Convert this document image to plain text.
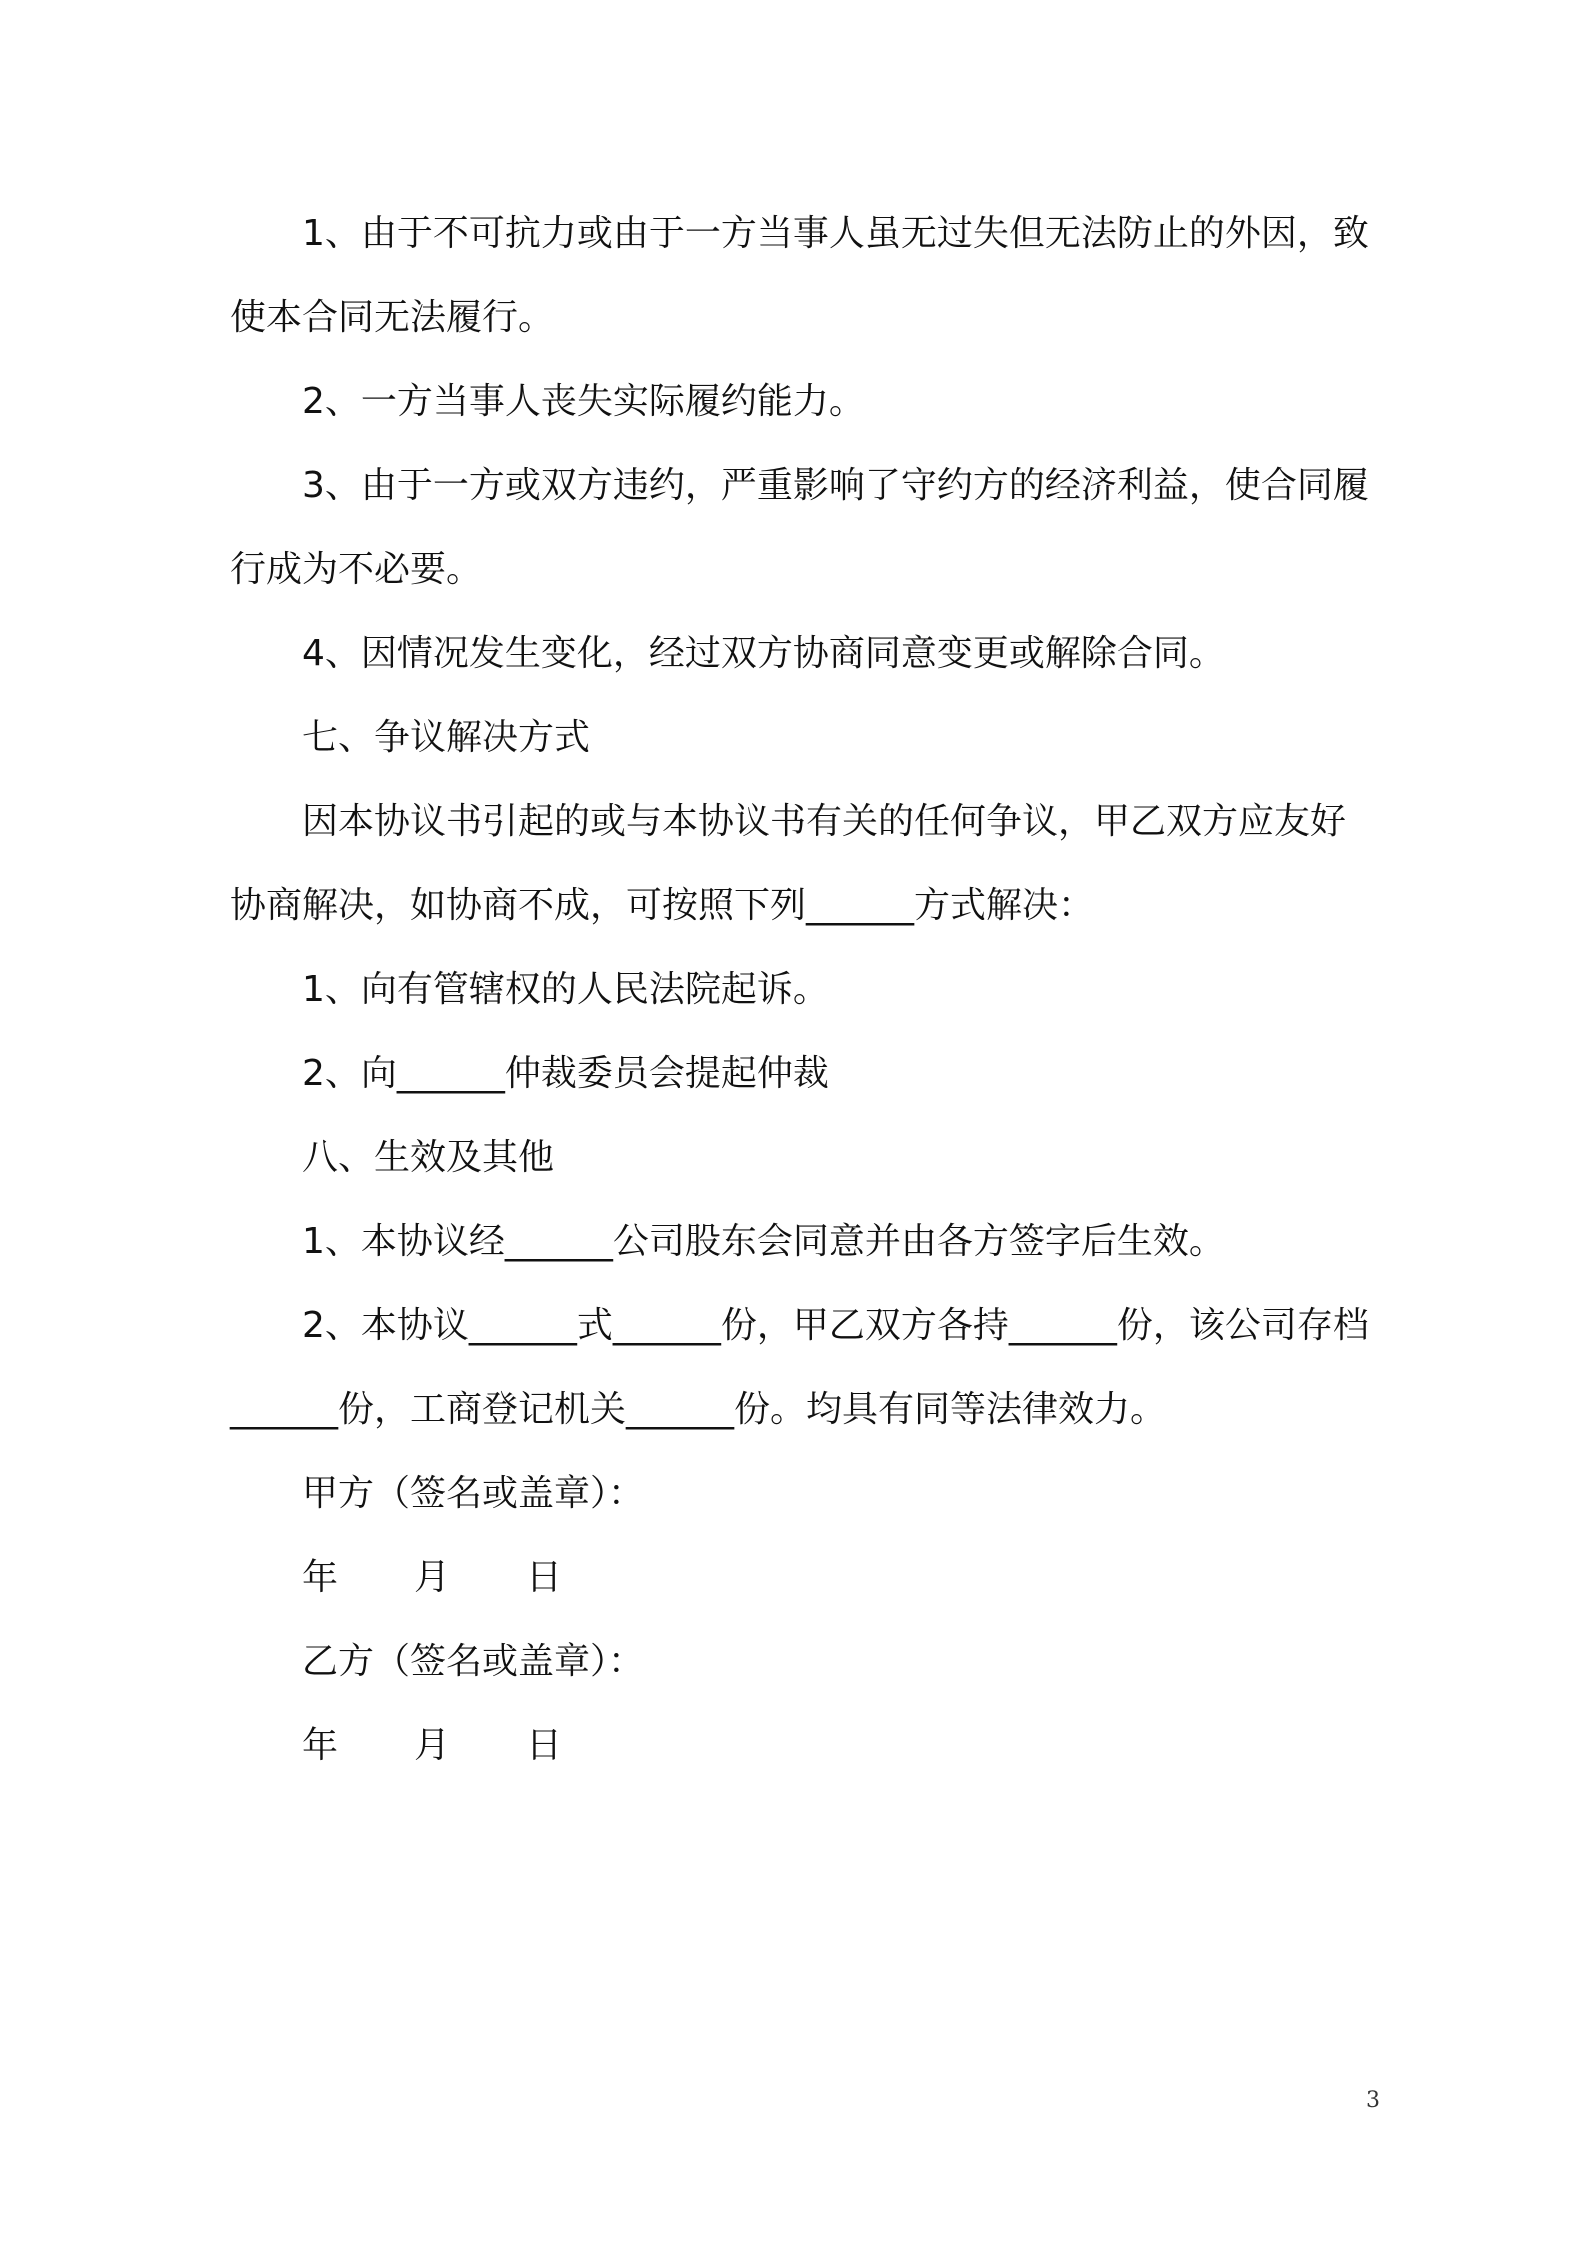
1、由于不可抗力或由于一方当事人虽无过失但无法防止的外因，致使本合同无法履行。

2、一方当事人丧失实际履约能力。

3、由于一方或双方违约，严重影响了守约方的经济利益，使合同履行成为不必要。

4、因情况发生变化，经过双方协商同意变更或解除合同。

七、争议解决方式

因本协议书引起的或与本协议书有关的任何争议，甲乙双方应友好协商解决，如协商不成，可按照下列______方式解决：

1、向有管辖权的人民法院起诉。

2、向______仲裁委员会提起仲裁

八、生效及其他

1、本协议经______公司股东会同意并由各方签字后生效。

2、本协议______式______份，甲乙双方各持______份，该公司存档______份，工商登记机关______份。均具有同等法律效力。

甲方（签名或盖章）：

年 月 日

乙方（签名或盖章）：

年 月 日

3
